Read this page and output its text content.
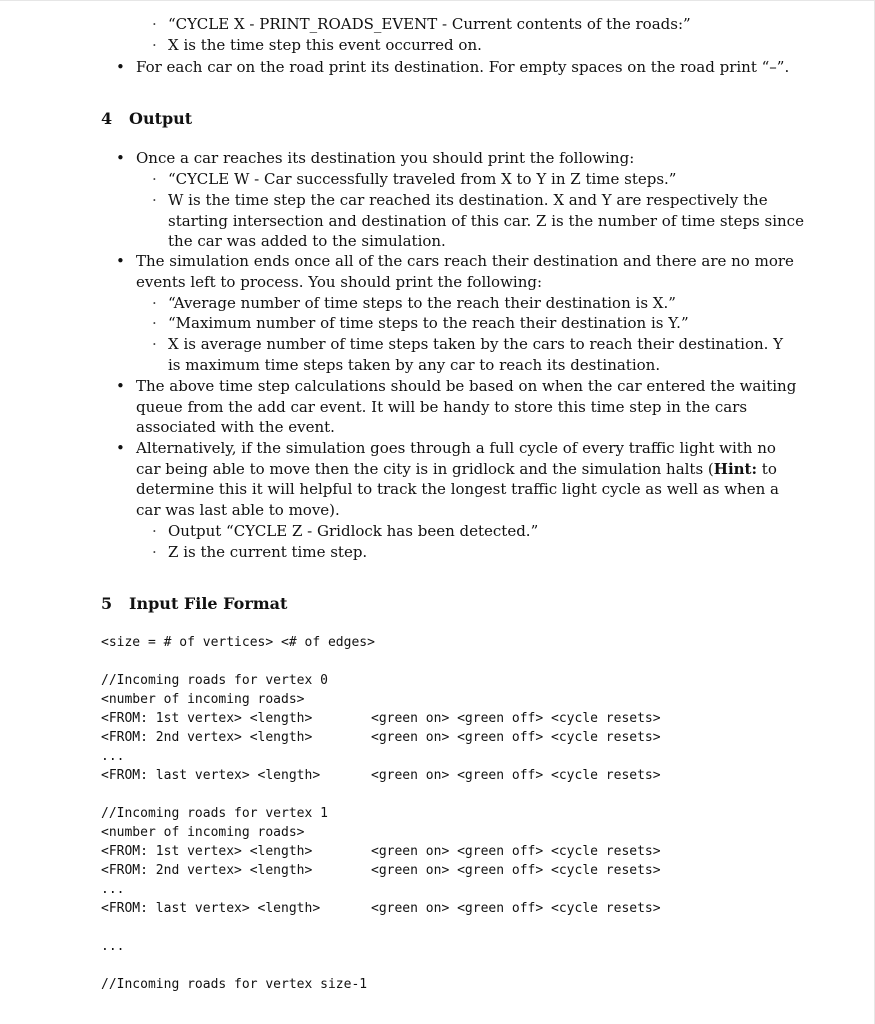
· “CYCLE X - PRINT_ROADS_EVENT - Current contents of the roads:”
· X is the time step this event occurred on.
• For each car on the road print its destination. For empty spaces on the road print “–”.
4 Output
• Once a car reaches its destination you should print the following:
· “CYCLE W - Car successfully traveled from X to Y in Z time steps.”
· W is the time step the car reached its destination. X and Y are respectively the
starting intersection and destination of this car. Z is the number of time steps since
the car was added to the simulation.
• The simulation ends once all of the cars reach their destination and there are no more
events left to process. You should print the following:
· “Average number of time steps to the reach their destination is X.”
· “Maximum number of time steps to the reach their destination is Y.”
· X is average number of time steps taken by the cars to reach their destination. Y
is maximum time steps taken by any car to reach its destination.
• The above time step calculations should be based on when the car entered the waiting
queue from the add car event. It will be handy to store this time step in the cars
associated with the event.
• Alternatively, if the simulation goes through a full cycle of every traffic light with no
car being able to move then the city is in gridlock and the simulation halts (Hint: to
determine this it will helpful to track the longest traffic light cycle as well as when a
car was last able to move).
· Output “CYCLE Z - Gridlock has been detected.”
· Z is the current time step.
5 Input File Format
<size = # of vertices> <# of edges>

//Incoming roads for vertex 0
<number of incoming roads>
<FROM: 1st vertex> <length>
<FROM: 2nd vertex> <length>
...
<FROM: last vertex> <length>

//Incoming roads for vertex 1
<number of incoming roads>
<FROM: 1st vertex> <length>
<FROM: 2nd vertex> <length>
...
<FROM: last vertex> <length>

...

//Incoming roads for vertex size-1

<green on> <green off> <cycle resets>
<green on> <green off> <cycle resets>

<green on> <green off> <cycle resets>

<green on> <green off> <cycle resets>
<green on> <green off> <cycle resets>

<green on> <green off> <cycle resets>
